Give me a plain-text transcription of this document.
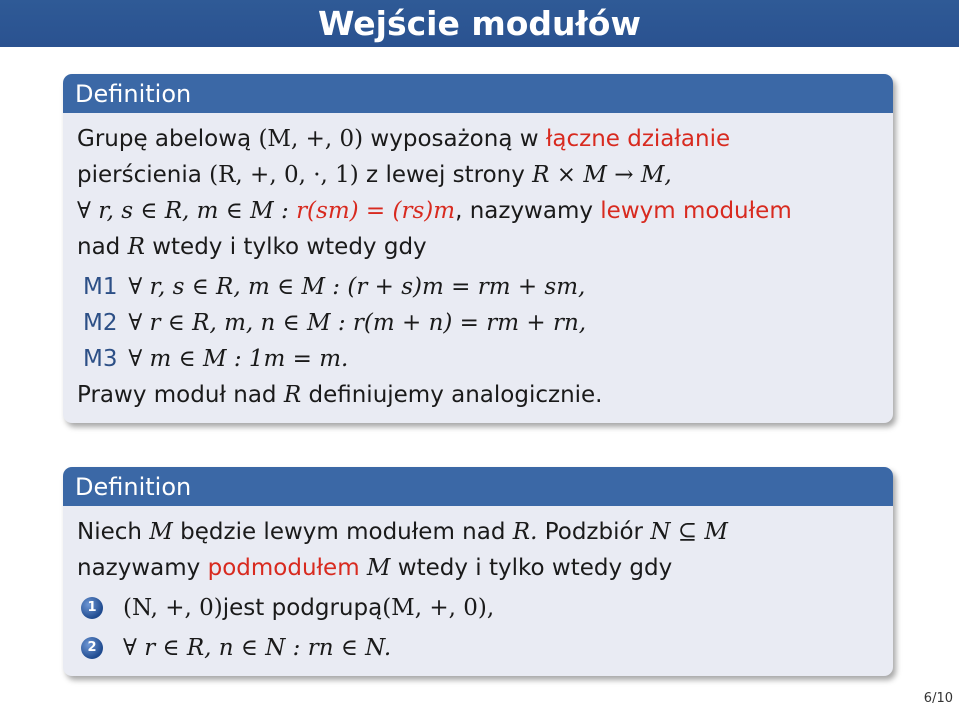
Wejście modułów
Definition
Grupę abelową (M, +, 0) wyposażoną w łączne działanie
pierścienia (R, +, 0, ·, 1) z lewej strony R × M → M,
∀ r, s ∈ R, m ∈ M : r(sm) = (rs)m, nazywamy lewym modułem
nad R wtedy i tylko wtedy gdy
M1 ∀ r, s ∈ R, m ∈ M : (r + s)m = rm + sm,
M2 ∀ r ∈ R, m, n ∈ M : r(m + n) = rm + rn,
M3 ∀ m ∈ M : 1m = m.
Prawy moduł nad R definiujemy analogicznie.
Definition
Niech M będzie lewym modułem nad R. Podzbiór N ⊆ M
nazywamy podmodułem M wtedy i tylko wtedy gdy
1 (N, +, 0) jest podgrupą (M, +, 0),
2 ∀ r ∈ R, n ∈ N : rn ∈ N.
6/10
